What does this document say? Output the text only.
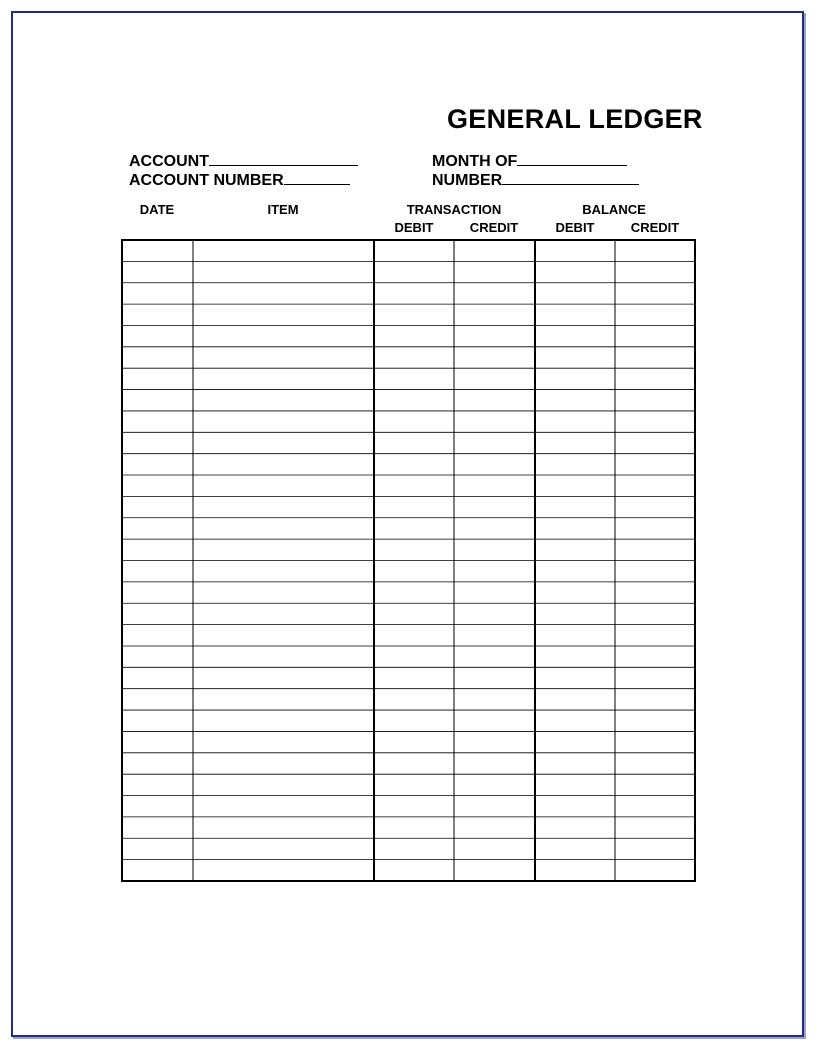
GENERAL LEDGER
ACCOUNT
ACCOUNT NUMBER
MONTH OF
NUMBER
DATE	ITEM	TRANSACTION	BALANCE
DEBIT	CREDIT	DEBIT	CREDIT
